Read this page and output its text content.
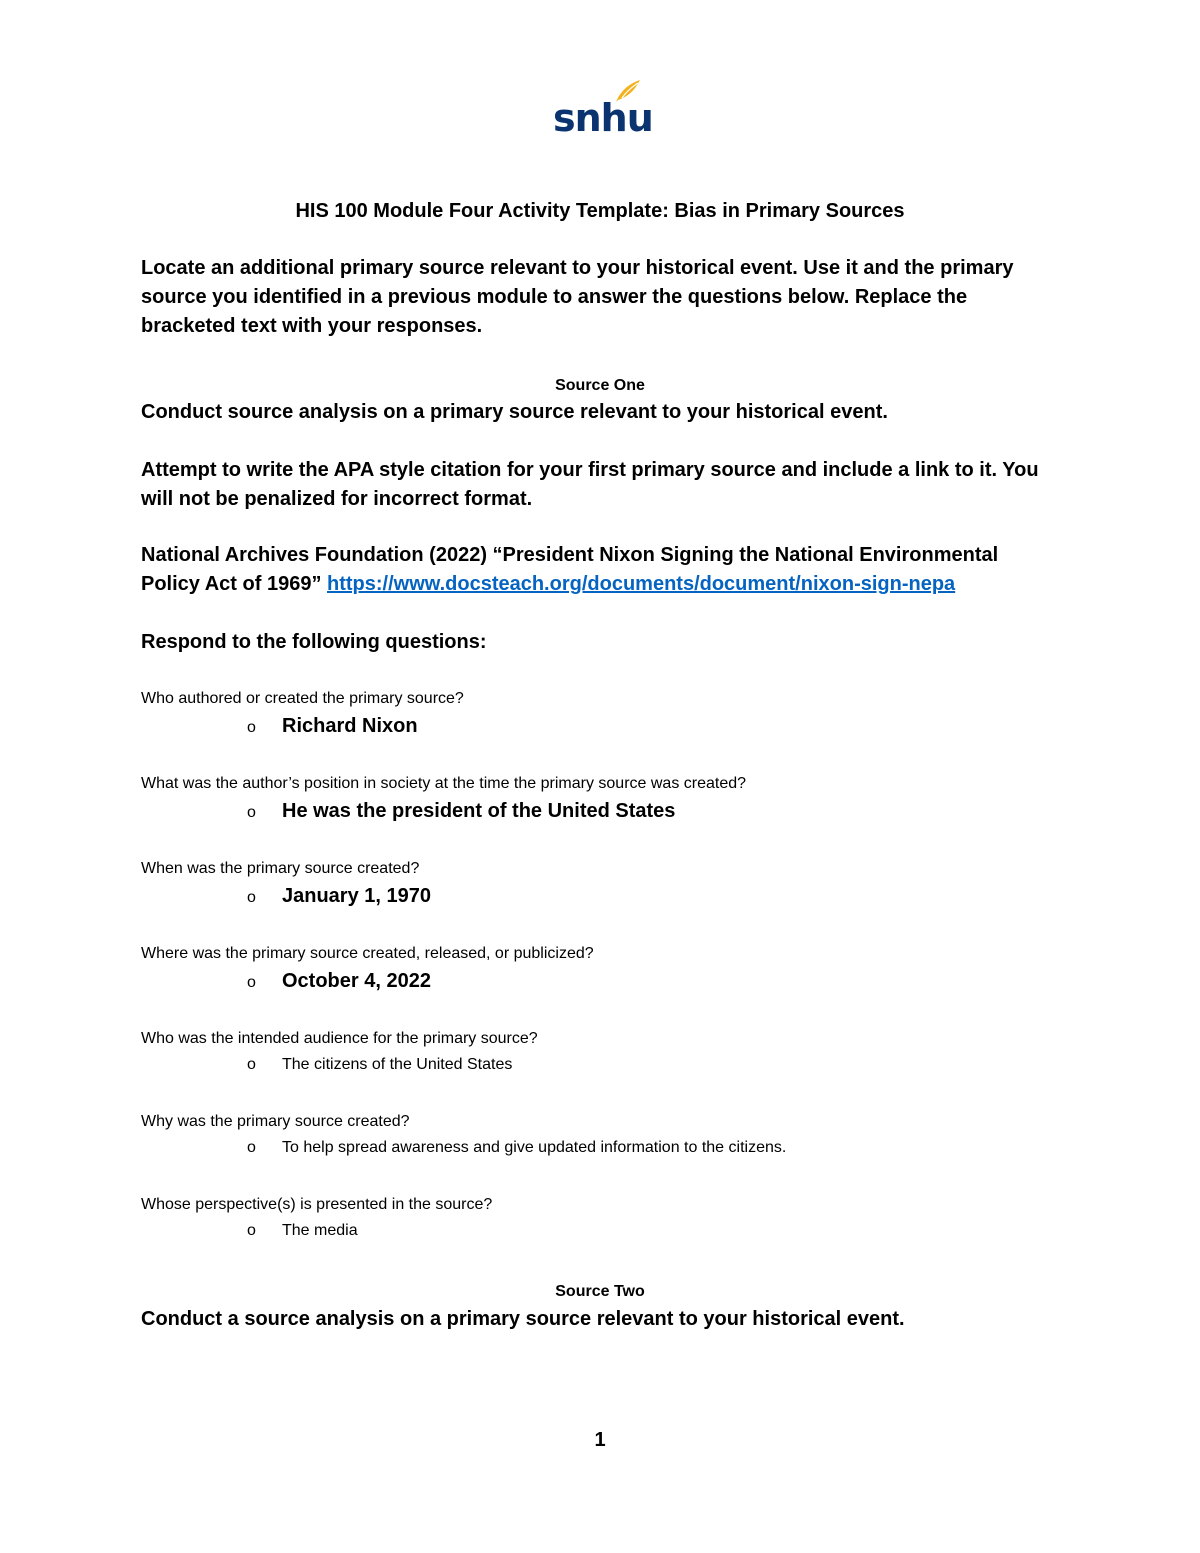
snhu
HIS 100 Module Four Activity Template: Bias in Primary Sources
Locate an additional primary source relevant to your historical event. Use it and the primary source you identified in a previous module to answer the questions below. Replace the bracketed text with your responses.
Source One
Conduct source analysis on a primary source relevant to your historical event.
Attempt to write the APA style citation for your first primary source and include a link to it. You will not be penalized for incorrect format.
National Archives Foundation (2022) “President Nixon Signing the National Environmental Policy Act of 1969” https://www.docsteach.org/documents/document/nixon-sign-nepa
Respond to the following questions:
Who authored or created the primary source?
o Richard Nixon
What was the author’s position in society at the time the primary source was created?
o He was the president of the United States
When was the primary source created?
o January 1, 1970
Where was the primary source created, released, or publicized?
o October 4, 2022
Who was the intended audience for the primary source?
o The citizens of the United States
Why was the primary source created?
o To help spread awareness and give updated information to the citizens.
Whose perspective(s) is presented in the source?
o The media
Source Two
Conduct a source analysis on a primary source relevant to your historical event.
1
